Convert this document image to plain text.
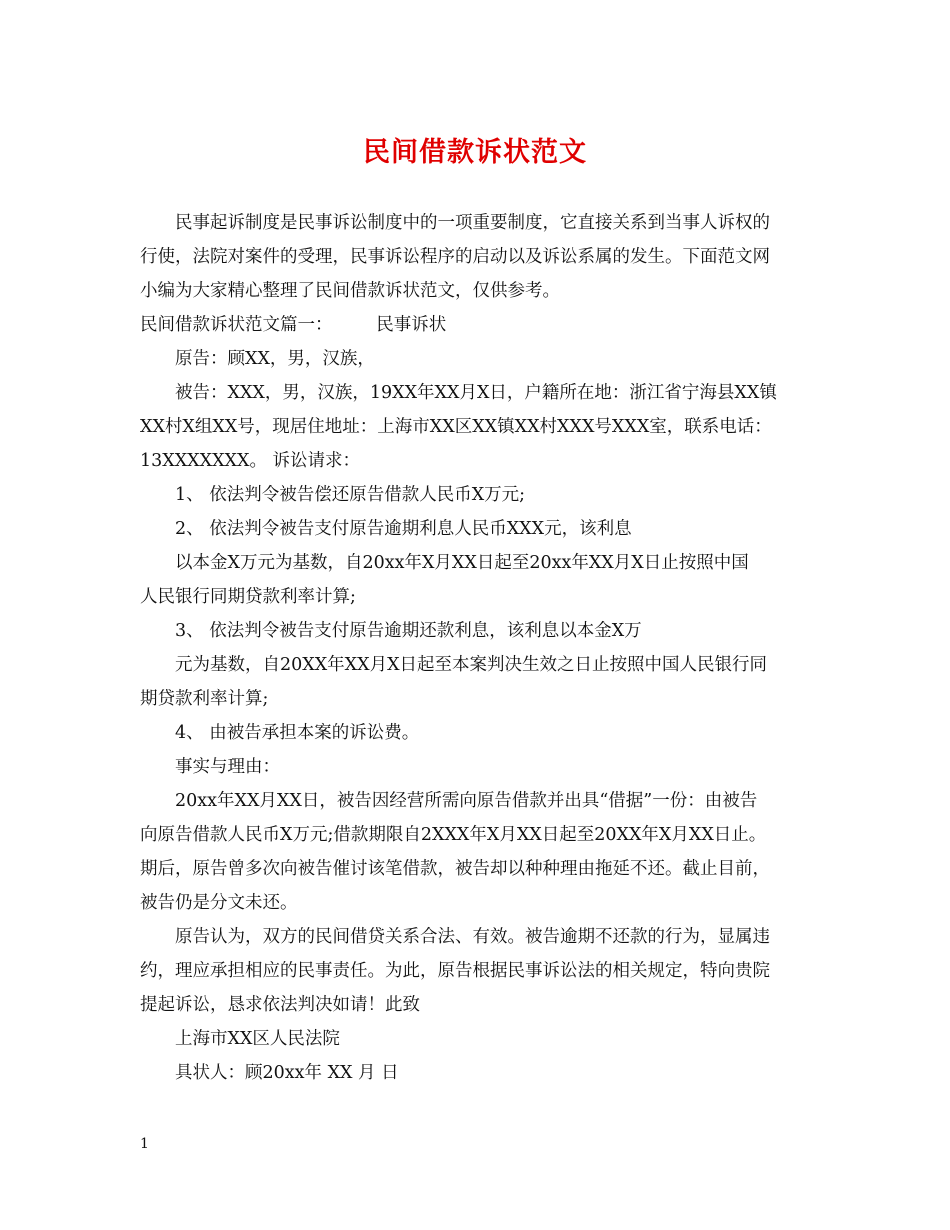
民间借款诉状范文
民事起诉制度是民事诉讼制度中的一项重要制度，它直接关系到当事人诉权的
行使，法院对案件的受理，民事诉讼程序的启动以及诉讼系属的发生。下面范文网
小编为大家精心整理了民间借款诉状范文，仅供参考。
民间借款诉状范文篇一：　　　民事诉状
原告：顾XX，男，汉族，
被告：XXX，男，汉族，19XX年XX月X日，户籍所在地：浙江省宁海县XX镇
XX村X组XX号，现居住地址：上海市XX区XX镇XX村XXX号XXX室，联系电话：
13XXXXXXX。 诉讼请求：
1、 依法判令被告偿还原告借款人民币X万元;
2、 依法判令被告支付原告逾期利息人民币XXX元，该利息
以本金X万元为基数，自20xx年X月XX日起至20xx年XX月X日止按照中国
人民银行同期贷款利率计算;
3、 依法判令被告支付原告逾期还款利息，该利息以本金X万
元为基数，自20XX年XX月X日起至本案判决生效之日止按照中国人民银行同
期贷款利率计算;
4、 由被告承担本案的诉讼费。
事实与理由：
20xx年XX月XX日，被告因经营所需向原告借款并出具“借据”一份：由被告
向原告借款人民币X万元;借款期限自2XXX年X月XX日起至20XX年X月XX日止。
期后，原告曾多次向被告催讨该笔借款，被告却以种种理由拖延不还。截止目前，
被告仍是分文未还。
原告认为，双方的民间借贷关系合法、有效。被告逾期不还款的行为，显属违
约，理应承担相应的民事责任。为此，原告根据民事诉讼法的相关规定，特向贵院
提起诉讼，恳求依法判决如请！此致
上海市XX区人民法院
具状人：顾20xx年 XX 月 日
1
